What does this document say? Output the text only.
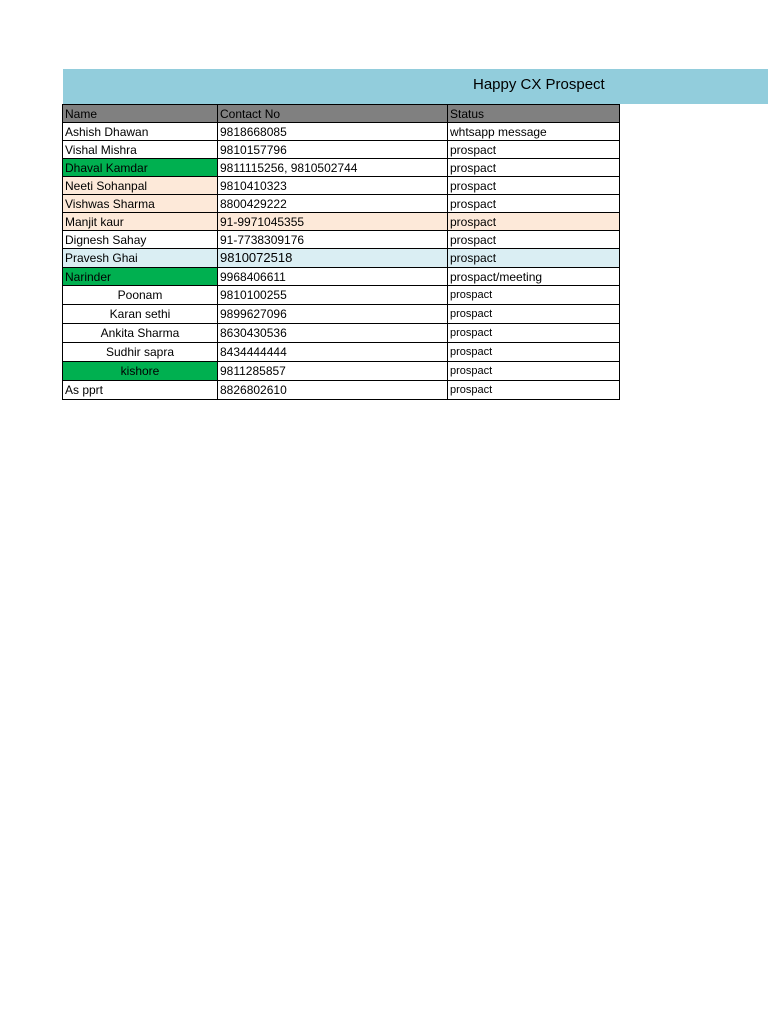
Happy CX Prospect
Name	Contact No	Status
Ashish Dhawan	9818668085	whtsapp message
Vishal Mishra	9810157796	prospact
Dhaval Kamdar	9811115256, 9810502744	prospact
Neeti Sohanpal	9810410323	prospact
Vishwas Sharma	8800429222	prospact
Manjit kaur	91-9971045355	prospact
Dignesh Sahay	91-7738309176	prospact
Pravesh Ghai	9810072518	prospact
Narinder	9968406611	prospact/meeting
Poonam	9810100255	prospact
Karan sethi	9899627096	prospact
Ankita Sharma	8630430536	prospact
Sudhir sapra	8434444444	prospact
kishore	9811285857	prospact
As pprt	8826802610	prospact
